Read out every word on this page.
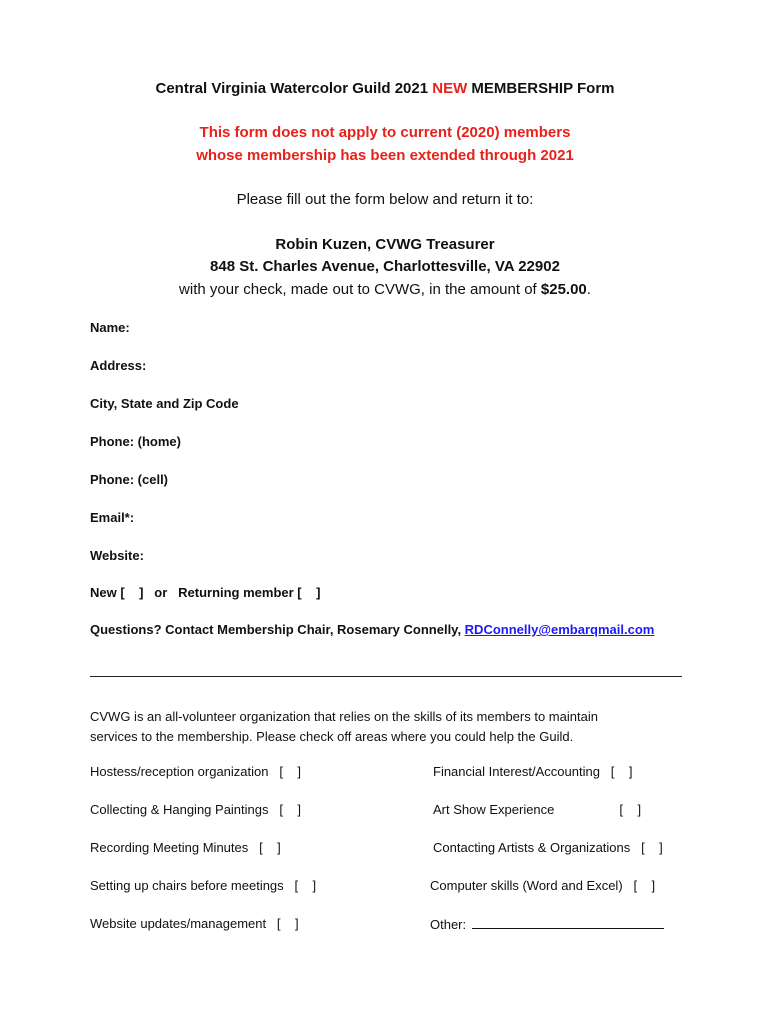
Central Virginia Watercolor Guild 2021 NEW MEMBERSHIP Form
This form does not apply to current (2020) members
whose membership has been extended through 2021
Please fill out the form below and return it to:
Robin Kuzen, CVWG Treasurer
848 St. Charles Avenue, Charlottesville, VA 22902
with your check, made out to CVWG, in the amount of $25.00.
Name:
Address:
City, State and Zip Code
Phone: (home)
Phone: (cell)
Email*:
Website:
New [    ]   or   Returning member [    ]
Questions? Contact Membership Chair, Rosemary Connelly, RDConnelly@embarqmail.com
CVWG is an all-volunteer organization that relies on the skills of its members to maintain
services to the membership. Please check off areas where you could help the Guild.
Hostess/reception organization   [    ]
Collecting & Hanging Paintings   [    ]
Recording Meeting Minutes   [    ]
Setting up chairs before meetings   [    ]
Website updates/management   [    ]
Financial Interest/Accounting   [    ]
Art Show Experience                  [    ]
Contacting Artists & Organizations   [    ]
Computer skills (Word and Excel)   [    ]
Other:
